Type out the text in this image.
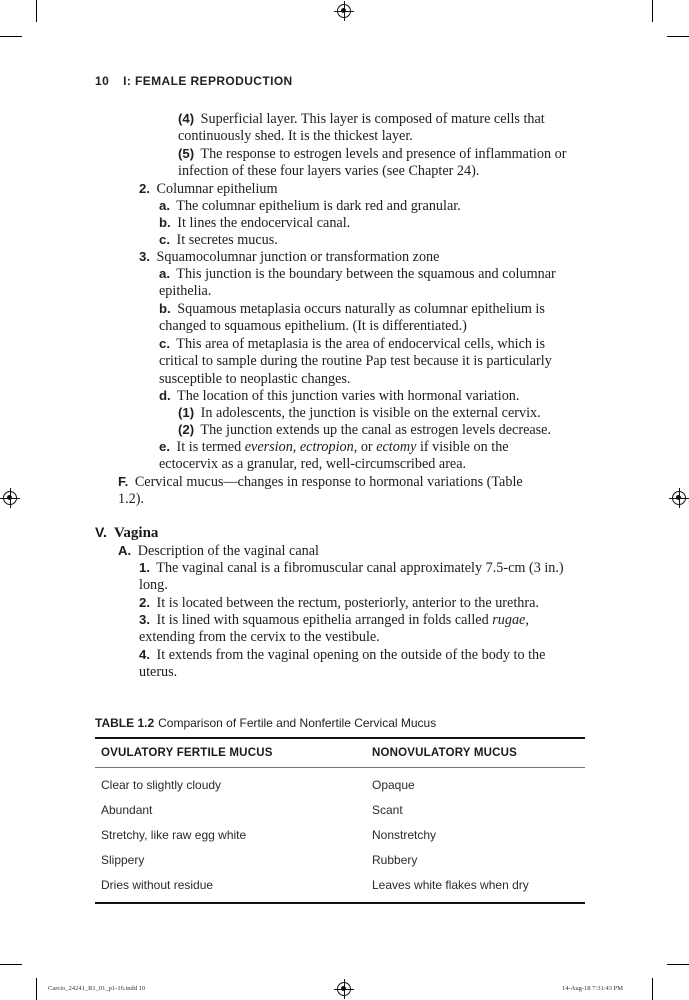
10 I: FEMALE REPRODUCTION
(4) Superficial layer. This layer is composed of mature cells that continuously shed. It is the thickest layer.
(5) The response to estrogen levels and presence of inflammation or infection of these four layers varies (see Chapter 24).
2. Columnar epithelium
a. The columnar epithelium is dark red and granular.
b. It lines the endocervical canal.
c. It secretes mucus.
3. Squamocolumnar junction or transformation zone
a. This junction is the boundary between the squamous and columnar epithelia.
b. Squamous metaplasia occurs naturally as columnar epithelium is changed to squamous epithelium. (It is differentiated.)
c. This area of metaplasia is the area of endocervical cells, which is critical to sample during the routine Pap test because it is particularly susceptible to neoplastic changes.
d. The location of this junction varies with hormonal variation.
(1) In adolescents, the junction is visible on the external cervix.
(2) The junction extends up the canal as estrogen levels decrease.
e. It is termed eversion, ectropion, or ectomy if visible on the ectocervix as a granular, red, well-circumscribed area.
F. Cervical mucus—changes in response to hormonal variations (Table 1.2).
V. Vagina
A. Description of the vaginal canal
1. The vaginal canal is a fibromuscular canal approximately 7.5-cm (3 in.) long.
2. It is located between the rectum, posteriorly, anterior to the urethra.
3. It is lined with squamous epithelia arranged in folds called rugae, extending from the cervix to the vestibule.
4. It extends from the vaginal opening on the outside of the body to the uterus.
TABLE 1.2 Comparison of Fertile and Nonfertile Cervical Mucus
OVULATORY FERTILE MUCUS	NONOVULATORY MUCUS
Clear to slightly cloudy	Opaque
Abundant	Scant
Stretchy, like raw egg white	Nonstretchy
Slippery	Rubbery
Dries without residue	Leaves white flakes when dry
Carcio_24241_R1_01_p1-16.indd 10	14-Aug-18 7:31:43 PM
